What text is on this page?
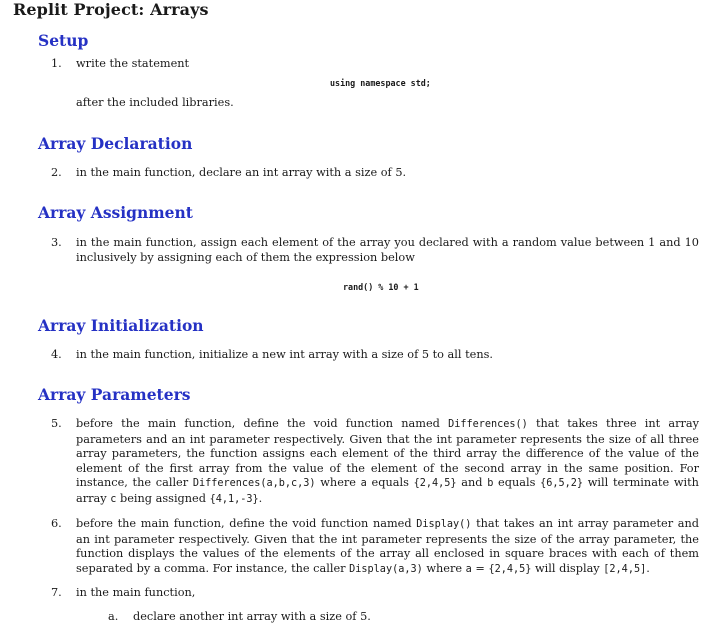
Replit Project: Arrays
Setup
1. write the statement
using namespace std;
after the included libraries.
Array Declaration
2. in the main function, declare an int array with a size of 5.
Array Assignment
3. in the main function, assign each element of the array you declared with a random value between 1 and 10 inclusively by assigning each of them the expression below
rand() % 10 + 1
Array Initialization
4. in the main function, initialize a new int array with a size of 5 to all tens.
Array Parameters
5. before the main function, define the void function named Differences() that takes three int array parameters and an int parameter respectively. Given that the int parameter represents the size of all three array parameters, the function assigns each element of the third array the difference of the value of the element of the first array from the value of the element of the second array in the same position. For instance, the caller Differences(a,b,c,3) where a equals {2,4,5} and b equals {6,5,2} will terminate with array c being assigned {4,1,-3}.

6. before the main function, define the void function named Display() that takes an int array parameter and an int parameter respectively. Given that the int parameter represents the size of the array parameter, the function displays the values of the elements of the array all enclosed in square braces with each of them separated by a comma. For instance, the caller Display(a,3) where a = {2,4,5} will display [2,4,5].

7. in the main function,
a. declare another int array with a size of 5.
